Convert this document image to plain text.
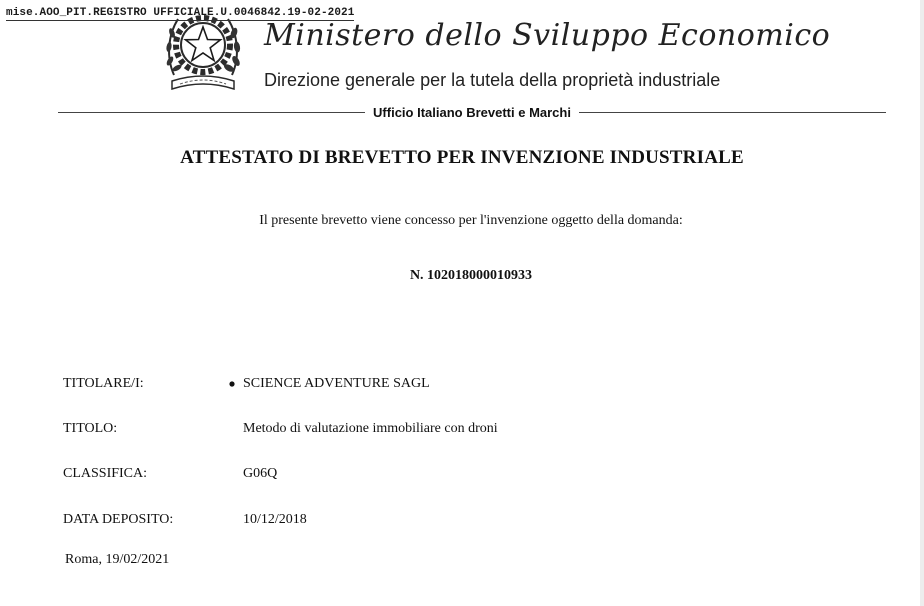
mise.AOO_PIT.REGISTRO UFFICIALE.U.0046842.19-02-2021
Ministero dello Sviluppo Economico
Direzione generale per la tutela della proprietà industriale
Ufficio Italiano Brevetti e Marchi
ATTESTATO DI BREVETTO PER INVENZIONE INDUSTRIALE
Il presente brevetto viene concesso per l'invenzione oggetto della domanda:
N. 102018000010933
TITOLARE/I:	SCIENCE ADVENTURE SAGL
TITOLO:	Metodo di valutazione immobiliare con droni
CLASSIFICA:	G06Q
DATA DEPOSITO:	10/12/2018
Roma, 19/02/2021
